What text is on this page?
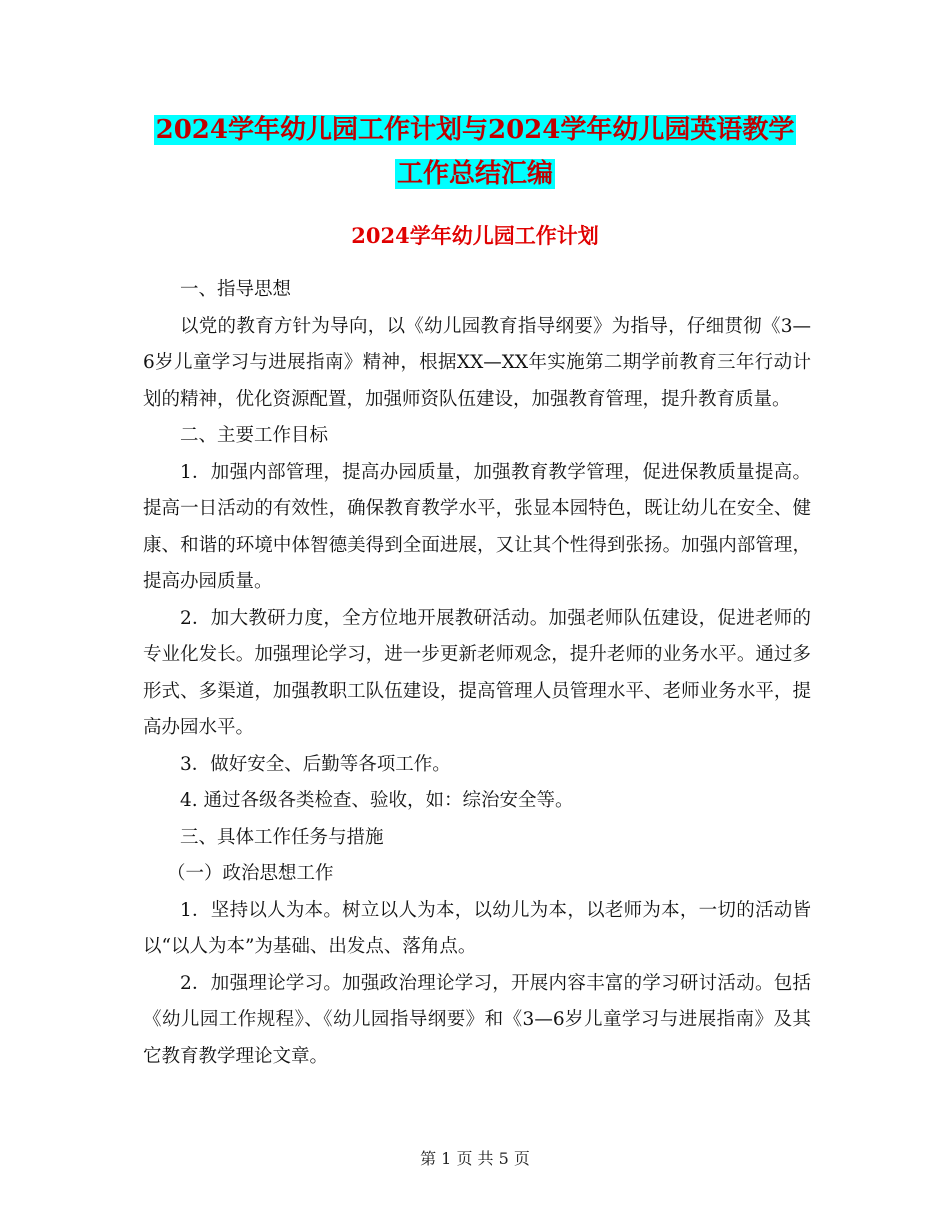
2024学年幼儿园工作计划与2024学年幼儿园英语教学
工作总结汇编
2024学年幼儿园工作计划

一、指导思想

以党的教育方针为导向，以《幼儿园教育指导纲要》为指导，仔细贯彻《3—6岁儿童学习与进展指南》精神，根据XX—XX年实施第二期学前教育三年行动计划的精神，优化资源配置，加强师资队伍建设，加强教育管理，提升教育质量。

二、主要工作目标

1．加强内部管理，提高办园质量，加强教育教学管理，促进保教质量提高。提高一日活动的有效性，确保教育教学水平，张显本园特色，既让幼儿在安全、健康、和谐的环境中体智德美得到全面进展，又让其个性得到张扬。加强内部管理，提高办园质量。

2．加大教研力度，全方位地开展教研活动。加强老师队伍建设，促进老师的专业化发长。加强理论学习，进一步更新老师观念，提升老师的业务水平。通过多形式、多渠道，加强教职工队伍建设，提高管理人员管理水平、老师业务水平，提高办园水平。

3．做好安全、后勤等各项工作。

4. 通过各级各类检查、验收，如：综治安全等。

三、具体工作任务与措施

（一）政治思想工作

1．坚持以人为本。树立以人为本，以幼儿为本，以老师为本，一切的活动皆以“以人为本”为基础、出发点、落角点。

2．加强理论学习。加强政治理论学习，开展内容丰富的学习研讨活动。包括《幼儿园工作规程》、《幼儿园指导纲要》和《3—6岁儿童学习与进展指南》及其它教育教学理论文章。

第 1 页 共 5 页
